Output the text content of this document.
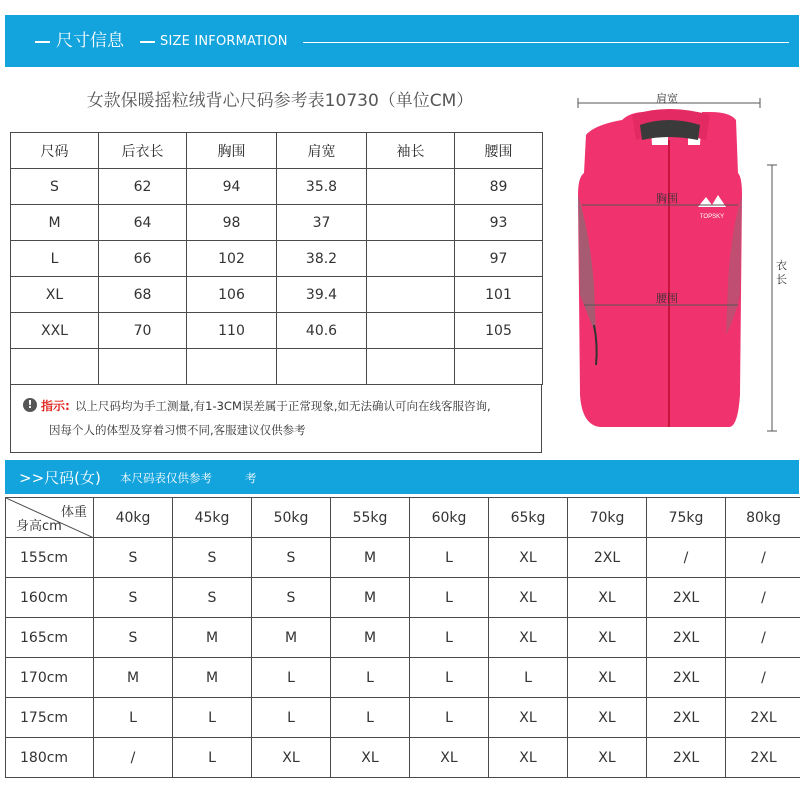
尺寸信息	SIZE INFORMATION
女款保暖摇粒绒背心尺码参考表10730（单位CM）
尺码	后衣长	胸围	肩宽	袖长	腰围
S	62	94	35.8		89
M	64	98	37		93
L	66	102	38.2		97
XL	68	106	39.4		101
XXL	70	110	40.6		105

! 指示: 以上尺码均为手工测量,有1-3CM误差属于正常现象,如无法确认可向在线客服咨询,
因每个人的体型及穿着习惯不同,客服建议仅供参考
TOPSKY
肩宽
胸围
腰围
衣长
>>尺码(女) 本尺码表仅供参考	考
体重
身高cm	40kg	45kg	50kg	55kg	60kg	65kg	70kg	75kg	80kg
155cm	S	S	S	M	L	XL	2XL	/	/
160cm	S	S	S	M	L	XL	XL	2XL	/
165cm	S	M	M	M	L	XL	XL	2XL	/
170cm	M	M	L	L	L	L	XL	2XL	/
175cm	L	L	L	L	L	XL	XL	2XL	2XL
180cm	/	L	XL	XL	XL	XL	XL	2XL	2XL
